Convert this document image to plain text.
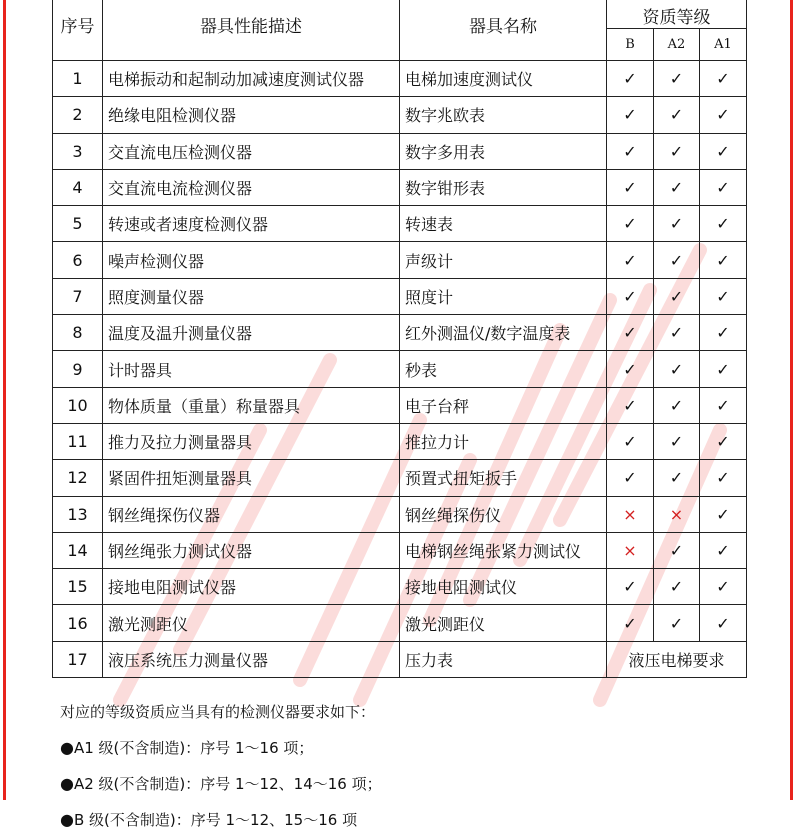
序号	器具性能描述	器具名称	资质等级		
			B	A2	A1
1	电梯振动和起制动加减速度测试仪器	电梯加速度测试仪	✓	✓	✓
2	绝缘电阻检测仪器	数字兆欧表	✓	✓	✓
3	交直流电压检测仪器	数字多用表	✓	✓	✓
4	交直流电流检测仪器	数字钳形表	✓	✓	✓
5	转速或者速度检测仪器	转速表	✓	✓	✓
6	噪声检测仪器	声级计	✓	✓	✓
7	照度测量仪器	照度计	✓	✓	✓
8	温度及温升测量仪器	红外测温仪/数字温度表	✓	✓	✓
9	计时器具	秒表	✓	✓	✓
10	物体质量（重量）称量器具	电子台秤	✓	✓	✓
11	推力及拉力测量器具	推拉力计	✓	✓	✓
12	紧固件扭矩测量器具	预置式扭矩扳手	✓	✓	✓
13	钢丝绳探伤仪器	钢丝绳探伤仪	×	×	✓
14	钢丝绳张力测试仪器	电梯钢丝绳张紧力测试仪	×	✓	✓
15	接地电阻测试仪器	接地电阻测试仪	✓	✓	✓
16	激光测距仪	激光测距仪	✓	✓	✓
17	液压系统压力测量仪器	压力表	液压电梯要求		
对应的等级资质应当具有的检测仪器要求如下：
●A1 级(不含制造)：序号 1～16 项；
●A2 级(不含制造)：序号 1～12、14～16 项；
●B 级(不含制造)：序号 1～12、15～16 项
